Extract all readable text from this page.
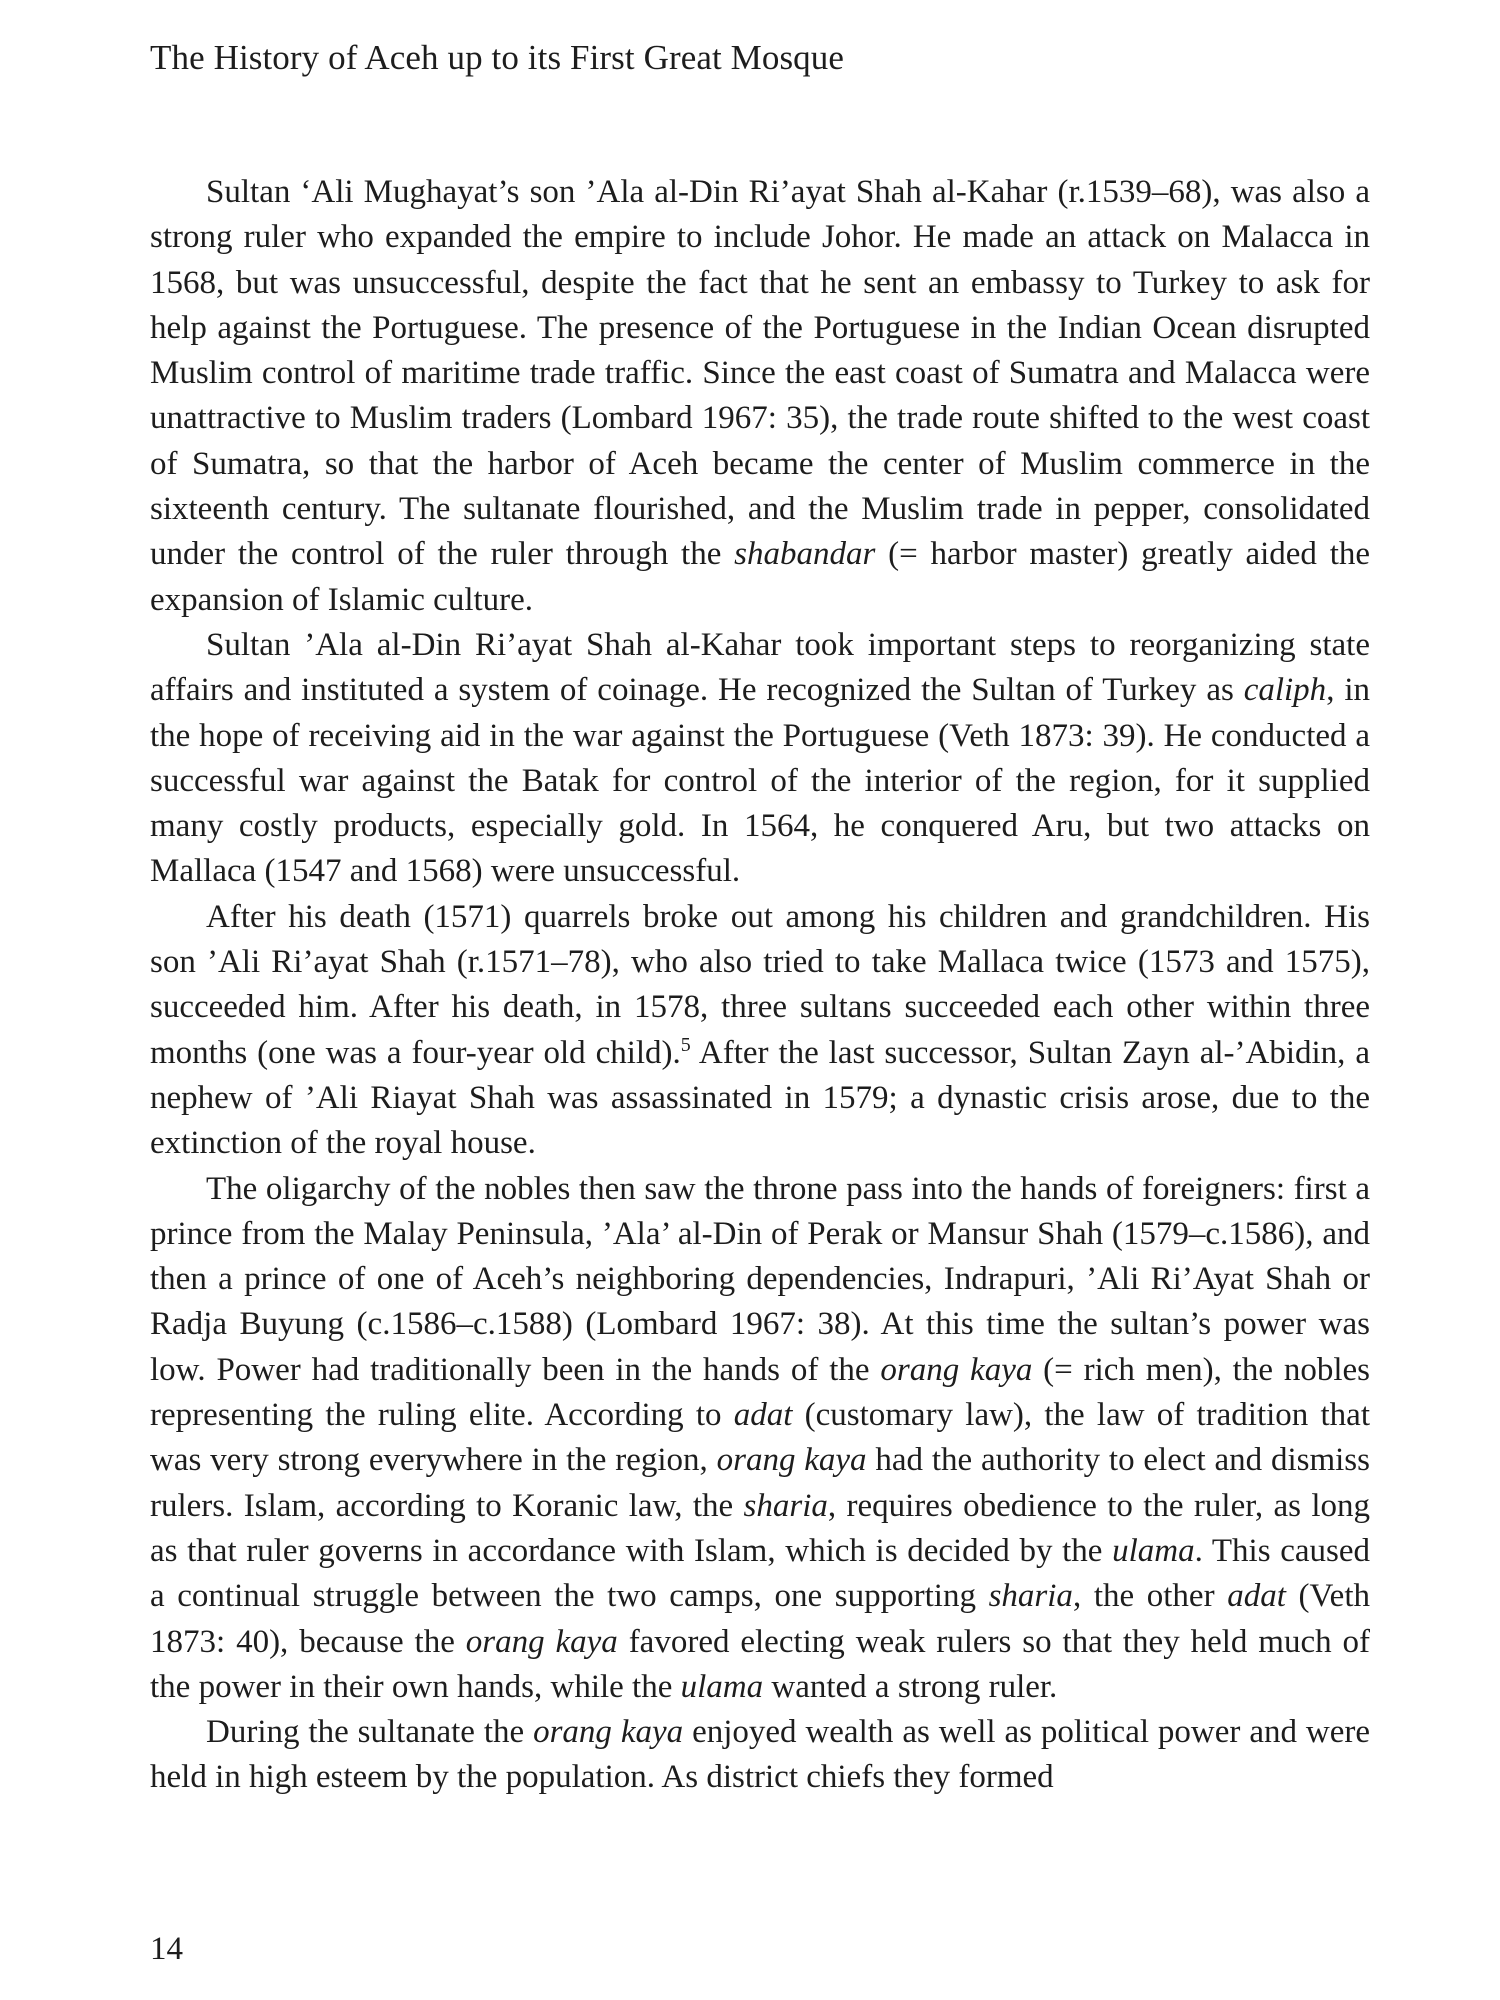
The History of Aceh up to its First Great Mosque

Sultan ‘Ali Mughayat’s son ’Ala al-Din Ri’ayat Shah al-Kahar (r.1539–68), was also a strong ruler who expanded the empire to include Johor. He made an attack on Malacca in 1568, but was unsuccessful, despite the fact that he sent an embassy to Turkey to ask for help against the Portuguese. The presence of the Portuguese in the Indian Ocean disrupted Muslim control of maritime trade traffic. Since the east coast of Sumatra and Malacca were unattractive to Muslim traders (Lombard 1967: 35), the trade route shifted to the west coast of Sumatra, so that the harbor of Aceh became the center of Muslim commerce in the sixteenth century. The sultanate flourished, and the Muslim trade in pepper, consolidated under the control of the ruler through the shabandar (= harbor master) greatly aided the expansion of Islamic culture.

Sultan ’Ala al-Din Ri’ayat Shah al-Kahar took important steps to reorganizing state affairs and instituted a system of coinage. He recognized the Sultan of Turkey as caliph, in the hope of receiving aid in the war against the Portuguese (Veth 1873: 39). He conducted a successful war against the Batak for control of the interior of the region, for it supplied many costly products, especially gold. In 1564, he conquered Aru, but two attacks on Mallaca (1547 and 1568) were unsuccessful.

After his death (1571) quarrels broke out among his children and grandchildren. His son ’Ali Ri’ayat Shah (r.1571–78), who also tried to take Mallaca twice (1573 and 1575), succeeded him. After his death, in 1578, three sultans succeeded each other within three months (one was a four-year old child).$^5$ After the last successor, Sultan Zayn al-’Abidin, a nephew of ’Ali Riayat Shah was assassinated in 1579; a dynastic crisis arose, due to the extinction of the royal house.

The oligarchy of the nobles then saw the throne pass into the hands of foreigners: first a prince from the Malay Peninsula, ’Ala’ al-Din of Perak or Mansur Shah (1579–c.1586), and then a prince of one of Aceh’s neighboring dependencies, Indrapuri, ’Ali Ri’Ayat Shah or Radja Buyung (c.1586–c.1588) (Lombard 1967: 38). At this time the sultan’s power was low. Power had traditionally been in the hands of the orang kaya (= rich men), the nobles representing the ruling elite. According to adat (customary law), the law of tradition that was very strong everywhere in the region, orang kaya had the authority to elect and dismiss rulers. Islam, according to Koranic law, the sharia, requires obedience to the ruler, as long as that ruler governs in accordance with Islam, which is decided by the ulama. This caused a continual struggle between the two camps, one supporting sharia, the other adat (Veth 1873: 40), because the orang kaya favored electing weak rulers so that they held much of the power in their own hands, while the ulama wanted a strong ruler.

During the sultanate the orang kaya enjoyed wealth as well as political power and were held in high esteem by the population. As district chiefs they formed

14
